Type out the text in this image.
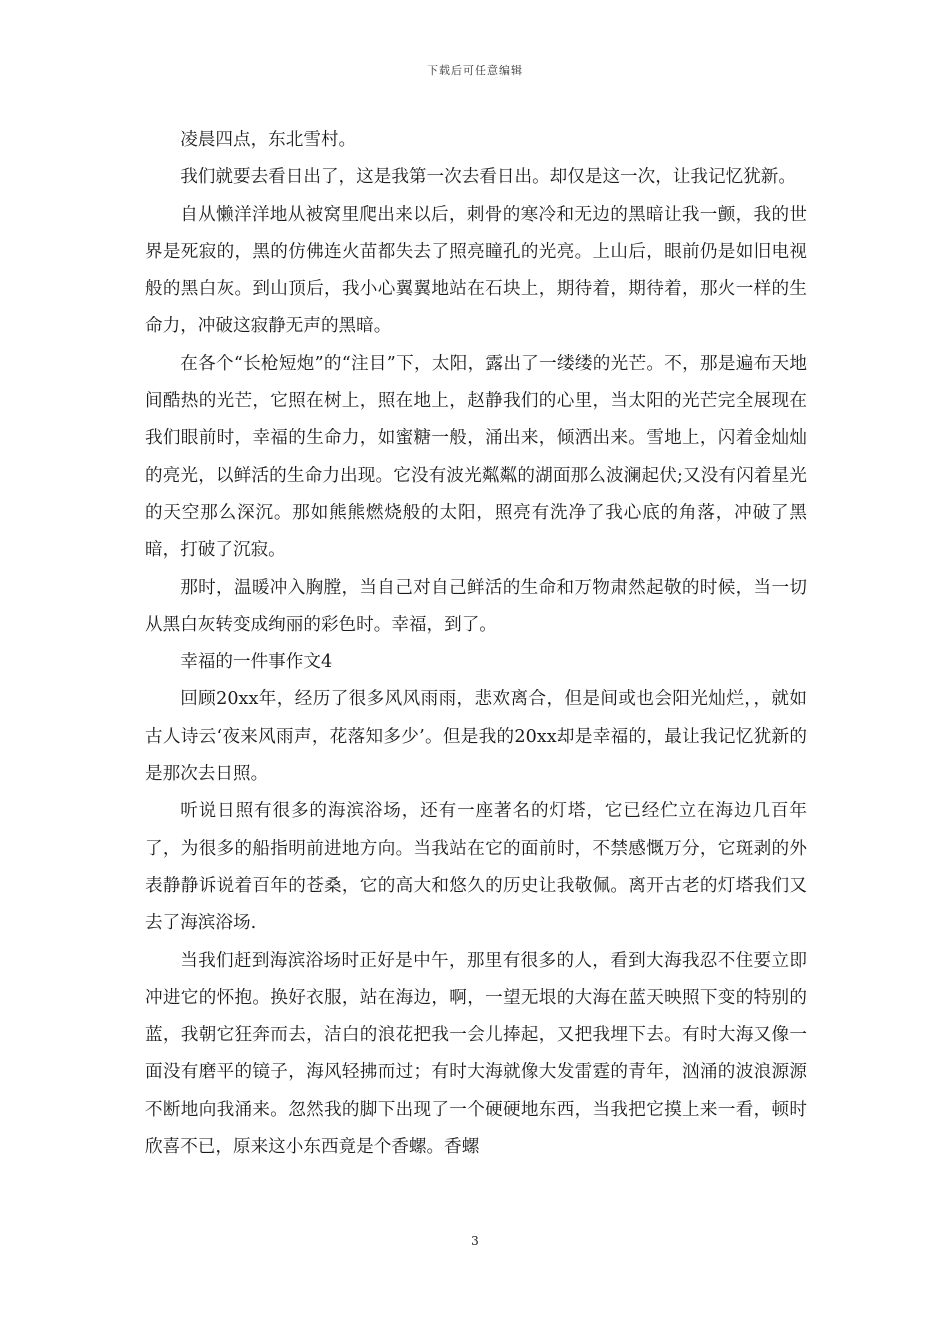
下载后可任意编辑

凌晨四点，东北雪村。

我们就要去看日出了，这是我第一次去看日出。却仅是这一次，让我记忆犹新。

自从懒洋洋地从被窝里爬出来以后，刺骨的寒冷和无边的黑暗让我一颤，我的世界是死寂的，黑的仿佛连火苗都失去了照亮瞳孔的光亮。上山后，眼前仍是如旧电视般的黑白灰。到山顶后，我小心翼翼地站在石块上，期待着，期待着，那火一样的生命力，冲破这寂静无声的黑暗。

在各个“长枪短炮”的“注目”下，太阳，露出了一缕缕的光芒。不，那是遍布天地间酷热的光芒，它照在树上，照在地上，赵静我们的心里，当太阳的光芒完全展现在我们眼前时，幸福的生命力，如蜜糖一般，涌出来，倾洒出来。雪地上，闪着金灿灿的亮光，以鲜活的生命力出现。它没有波光粼粼的湖面那么波澜起伏;又没有闪着星光的天空那么深沉。那如熊熊燃烧般的太阳，照亮有洗净了我心底的角落，冲破了黑暗，打破了沉寂。

那时，温暖冲入胸膛，当自己对自己鲜活的生命和万物肃然起敬的时候，当一切从黑白灰转变成绚丽的彩色时。幸福，到了。

幸福的一件事作文4

回顾20xx年，经历了很多风风雨雨，悲欢离合，但是间或也会阳光灿烂，，就如古人诗云‘夜来风雨声，花落知多少’。但是我的20xx却是幸福的，最让我记忆犹新的是那次去日照。

听说日照有很多的海滨浴场，还有一座著名的灯塔，它已经伫立在海边几百年了，为很多的船指明前进地方向。当我站在它的面前时，不禁感慨万分，它斑剥的外表静静诉说着百年的苍桑，它的高大和悠久的历史让我敬佩。离开古老的灯塔我们又去了海滨浴场.

当我们赶到海滨浴场时正好是中午，那里有很多的人，看到大海我忍不住要立即冲进它的怀抱。换好衣服，站在海边，啊，一望无垠的大海在蓝天映照下变的特别的蓝，我朝它狂奔而去，洁白的浪花把我一会儿捧起，又把我埋下去。有时大海又像一面没有磨平的镜子，海风轻拂而过；有时大海就像大发雷霆的青年，汹涌的波浪源源不断地向我涌来。忽然我的脚下出现了一个硬硬地东西，当我把它摸上来一看，顿时欣喜不已，原来这小东西竟是个香螺。香螺

3
